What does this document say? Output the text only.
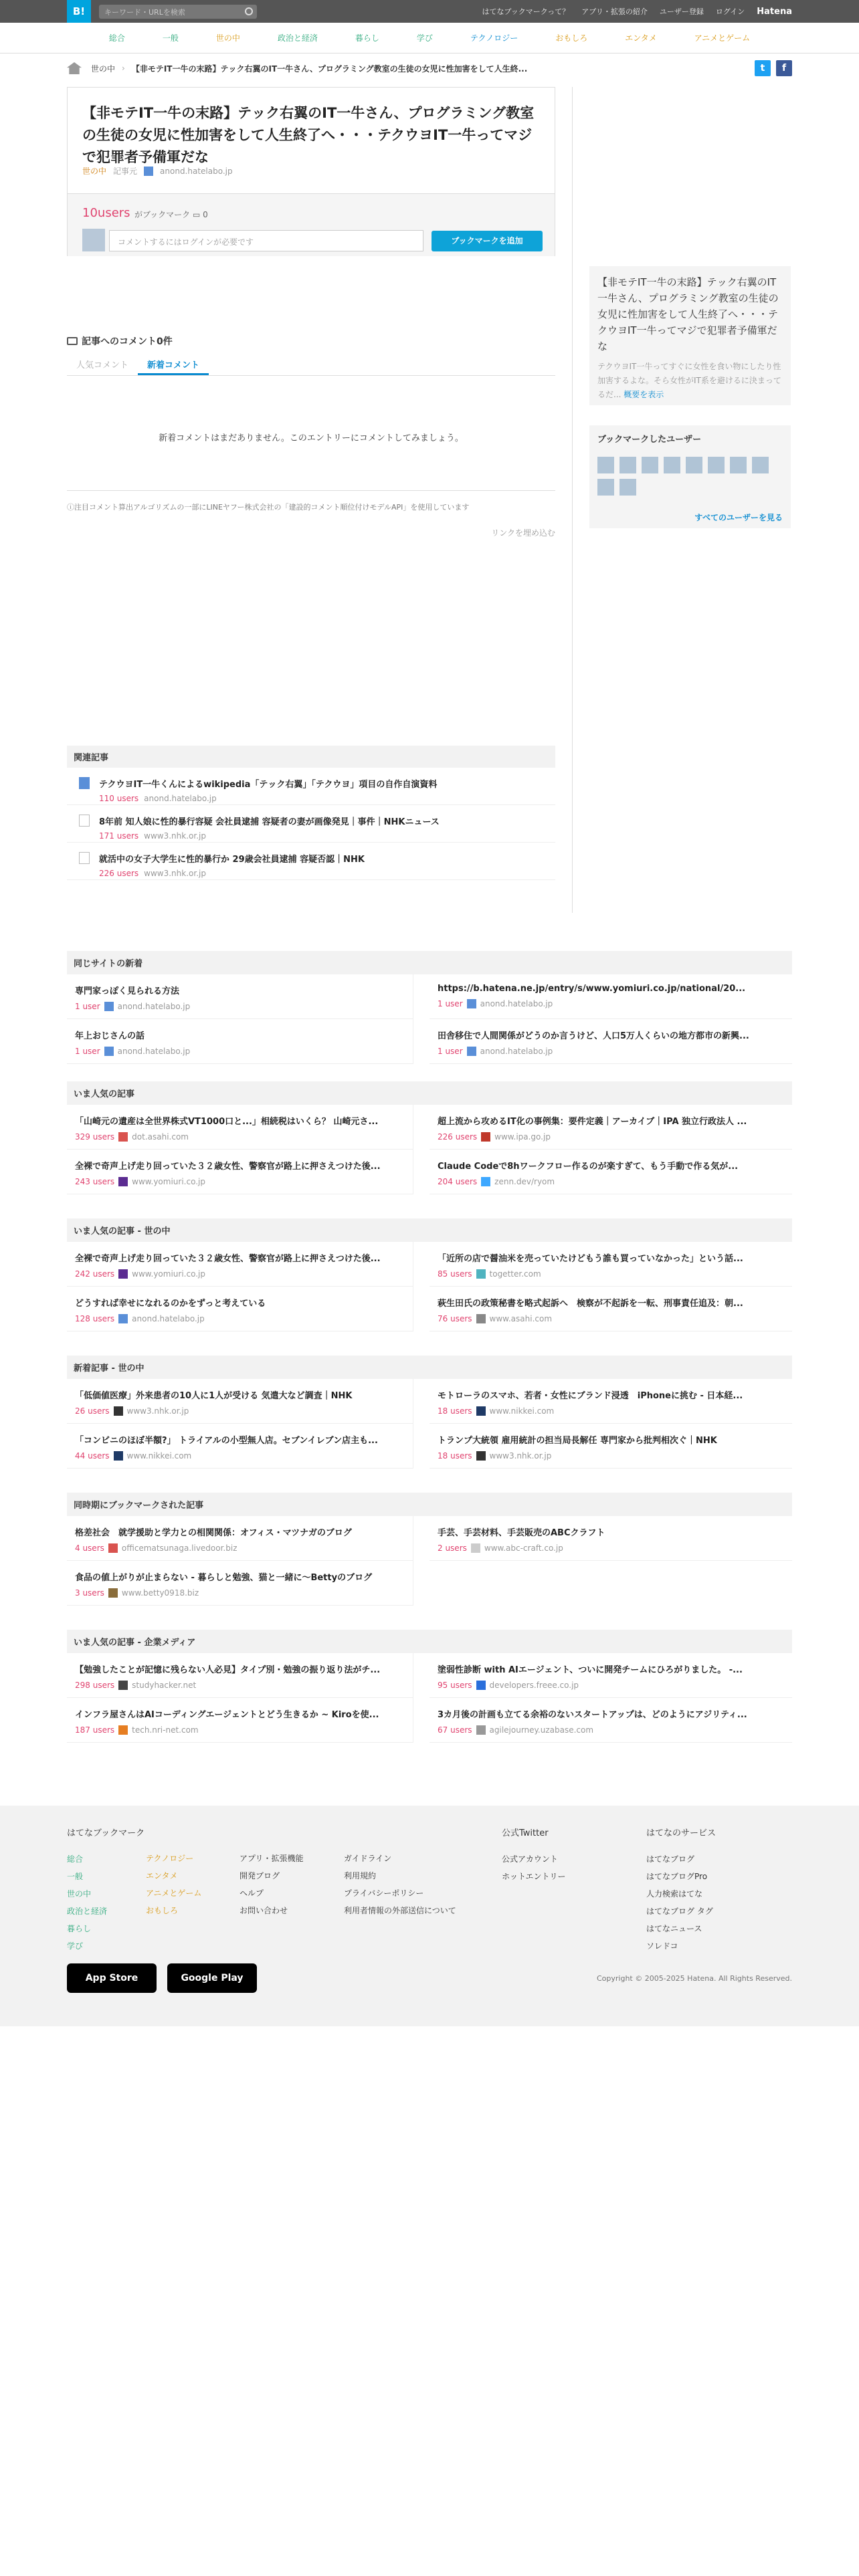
B!	キーワード・URLを検索	はてなブックマークって？ アプリ・拡張の紹介 ユーザー登録 ログイン Hatena
総合	一般	世の中	政治と経済	暮らし	学び	テクノロジー	おもしろ	エンタメ	アニメとゲーム
世の中 › 【非モテIT一牛の末路】テック右翼のIT一牛さん、プログラミング教室の生徒の女児に性加害をして人生終...	t	f
【非モテIT一牛の末路】テック右翼のIT一牛さん、プログラミング教室の生徒の女児に性加害をして人生終了へ・・・テクウヨIT一牛ってマジで犯罪者予備軍だな
世の中 記事元	anond.hatelabo.jp
10users がブックマーク ▭ 0
コメントするにはログインが必要です	ブックマークを追加
【非モテIT一牛の末路】テック右翼のIT一牛さん、プログラミング教室の生徒の女児に性加害をして人生終了へ・・・テクウヨIT一牛ってマジで犯罪者予備軍だな

テクウヨIT一牛ってすぐに女性を食い物にしたり性加害するよな。そら女性がIT系を避けるに決まってるだ... 概要を表示

ブックマークしたユーザー
すべてのユーザーを見る
記事へのコメント0件
人気コメント	新着コメント
新着コメントはまだありません。このエントリーにコメントしてみましょう。
ⓘ注目コメント算出アルゴリズムの一部にLINEヤフー株式会社の「建設的コメント順位付けモデルAPI」を使用しています
リンクを埋め込む
関連記事
テクウヨIT一牛くんによるwikipedia「テック右翼」「テクウヨ」項目の自作自演資料
110 users anond.hatelabo.jp
8年前 知人娘に性的暴行容疑 会社員逮捕 容疑者の妻が画像発見｜事件｜NHKニュース
171 users www3.nhk.or.jp
就活中の女子大学生に性的暴行か 29歳会社員逮捕 容疑否認｜NHK
226 users www3.nhk.or.jp
同じサイトの新着
専門家っぽく見られる方法
1 user anond.hatelabo.jp
https://b.hatena.ne.jp/entry/s/www.yomiuri.co.jp/national/20...
1 user anond.hatelabo.jp
年上おじさんの話
1 user anond.hatelabo.jp
田舎移住で人間関係がどうのか言うけど、人口5万人くらいの地方都市の新興...
1 user anond.hatelabo.jp
いま人気の記事
「山崎元の遺産は全世界株式VT1000口と...」相続税はいくら？ 山崎元さ...
329 users dot.asahi.com
超上流から攻めるIT化の事例集：要件定義｜アーカイブ｜IPA 独立行政法人 ...
226 users www.ipa.go.jp
全裸で奇声上げ走り回っていた３２歳女性、警察官が路上に押さえつけた後...
243 users www.yomiuri.co.jp
Claude Codeで8hワークフロー作るのが楽すぎて、もう手動で作る気が...
204 users zenn.dev/ryom
いま人気の記事 - 世の中
全裸で奇声上げ走り回っていた３２歳女性、警察官が路上に押さえつけた後...
242 users www.yomiuri.co.jp
「近所の店で醤油米を売っていたけどもう誰も買っていなかった」という話...
85 users togetter.com
どうすれば幸せになれるのかをずっと考えている
128 users anond.hatelabo.jp
萩生田氏の政策秘書を略式起訴へ　検察が不起訴を一転、刑事責任追及：朝...
76 users www.asahi.com
新着記事 - 世の中
「低価値医療」外来患者の10人に1人が受ける 気遣大など調査｜NHK
26 users www3.nhk.or.jp
モトローラのスマホ、若者・女性にブランド浸透　iPhoneに挑む - 日本経...
18 users www.nikkei.com
「コンビニのほぼ半額?」 トライアルの小型無人店。セブンイレブン店主も...
44 users www.nikkei.com
トランプ大統領 雇用統計の担当局長解任 専門家から批判相次ぐ｜NHK
18 users www3.nhk.or.jp
同時期にブックマークされた記事
格差社会　就学援助と学力との相関関係：オフィス・マツナガのブログ
4 users officematsunaga.livedoor.biz
手芸、手芸材料、手芸販売のABCクラフト
2 users www.abc-craft.co.jp
食品の値上がりが止まらない - 暮らしと勉強、猫と一緒に〜Bettyのブログ
3 users www.betty0918.biz
いま人気の記事 - 企業メディア
【勉強したことが記憶に残らない人必見】タイプ別・勉強の振り返り法がチ...
298 users studyhacker.net
塗弱性診断 with AIエージェント、ついに開発チームにひろがりました。 -...
95 users developers.freee.co.jp
インフラ屋さんはAIコーディングエージェントとどう生きるか ~ Kiroを使...
187 users tech.nri-net.com
3カ月後の計画も立てる余裕のないスタートアップは、どのようにアジリティ...
67 users agilejourney.uzabase.com
はてなブックマーク
総合
一般
世の中
政治と経済
暮らし
学び
テクノロジー
エンタメ
アニメとゲーム
おもしろ
アプリ・拡張機能
開発ブログ
ヘルプ
お問い合わせ
ガイドライン
利用規約
プライバシーポリシー
利用者情報の外部送信について
公式Twitter
公式アカウント
ホットエントリー
はてなのサービス
はてなブログ
はてなブログPro
人力検索はてな
はてなブログ タグ
はてなニュース
ソレドコ
App Store	Google Play	Copyright © 2005-2025 Hatena. All Rights Reserved.
